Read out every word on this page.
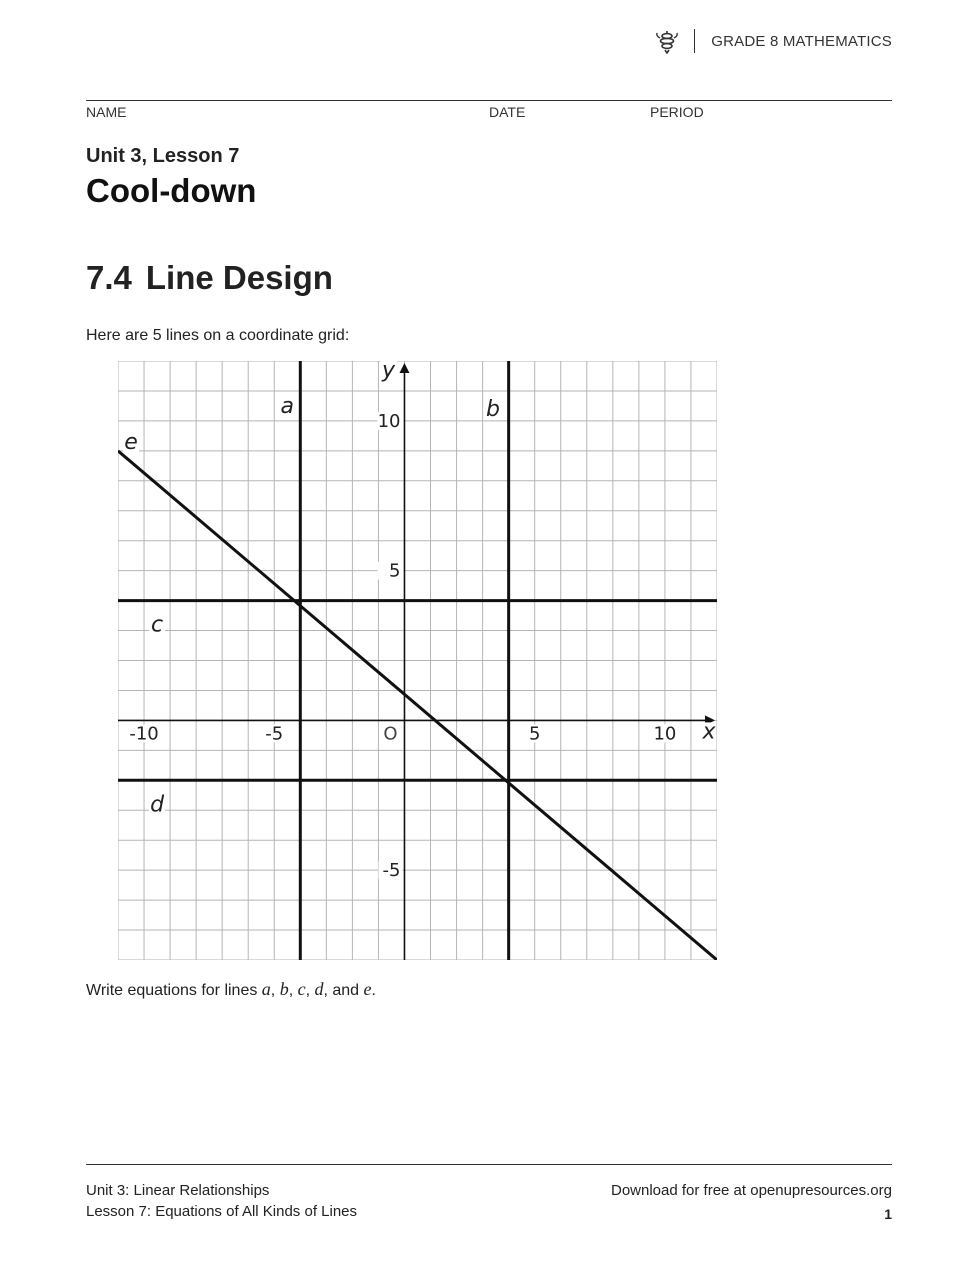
GRADE 8 MATHEMATICS
NAME	DATE	PERIOD
Unit 3, Lesson 7
Cool-down
7.4 Line Design
Here are 5 lines on a coordinate grid:
-10	-5	5	10
10
5
-5
O
y
x
a	b
c
d
e
Write equations for lines a, b, c, d, and e.
Unit 3: Linear Relationships
Lesson 7: Equations of All Kinds of Lines
Download for free at openupresources.org
1
